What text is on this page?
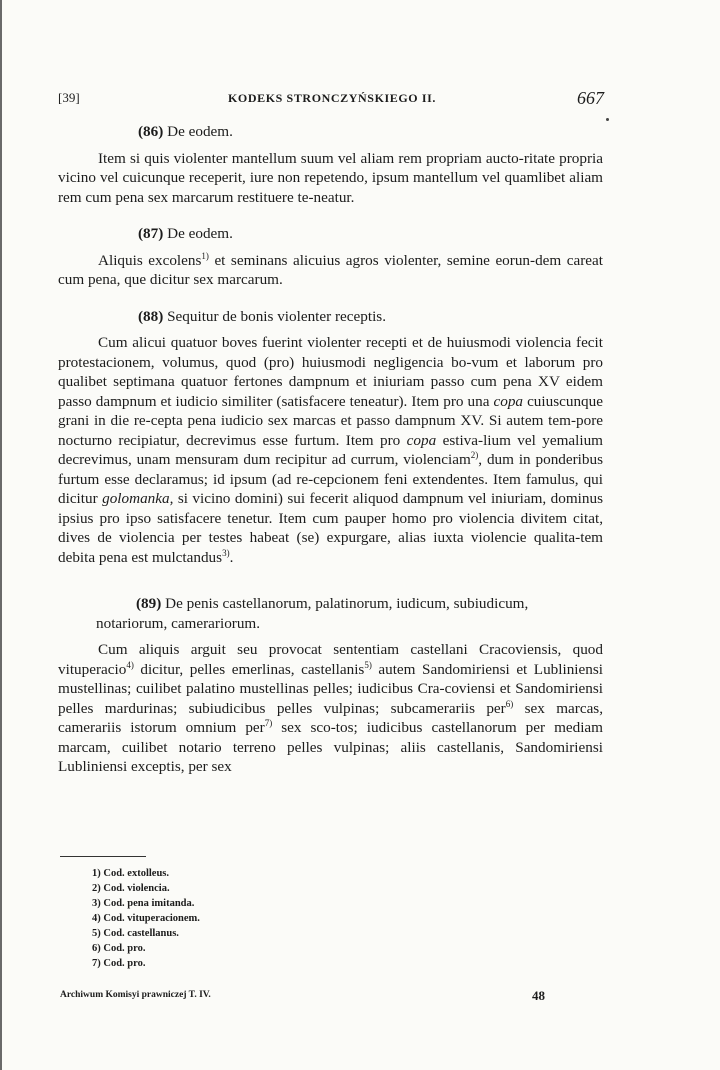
[39]	KODEKS STRONCZYŃSKIEGO II.	667
(86) De eodem.

Item si quis violenter mantellum suum vel aliam rem propriam aucto-ritate propria vicino vel cuicunque receperit, iure non repetendo, ipsum mantellum vel quamlibet aliam rem cum pena sex marcarum restituere te-neatur.

(87) De eodem.

Aliquis excolens$^{1)}$ et seminans alicuius agros violenter, semine eorun-dem careat cum pena, que dicitur sex marcarum.

(88) Sequitur de bonis violenter receptis.

Cum alicui quatuor boves fuerint violenter recepti et de huiusmodi violencia fecit protestacionem, volumus, quod (pro) huiusmodi negligencia bo-vum et laborum pro qualibet septimana quatuor fertones dampnum et iniuriam passo cum pena XV eidem passo dampnum et iudicio similiter (satisfacere teneatur). Item pro una copa cuiuscunque grani in die re-cepta pena iudicio sex marcas et passo dampnum XV. Si autem tem-pore nocturno recipiatur, decrevimus esse furtum. Item pro copa estiva-lium vel yemalium decrevimus, unam mensuram dum recipitur ad currum, violenciam$^{2)}$, dum in ponderibus furtum esse declaramus; id ipsum (ad re-cepcionem feni extendentes. Item famulus, qui dicitur golomanka, si vicino domini) sui fecerit aliquod dampnum vel iniuriam, dominus ipsius pro ipso satisfacere tenetur. Item cum pauper homo pro violencia divitem citat, dives de violencia per testes habeat (se) expurgare, alias iuxta violencie qualita-tem debita pena est mulctandus$^{3)}$.

(89) De penis castellanorum, palatinorum, iudicum, subiudicum, notariorum, camerariorum.

Cum aliquis arguit seu provocat sententiam castellani Cracoviensis, quod vituperacio$^{4)}$ dicitur, pelles emerlinas, castellanis$^{5)}$ autem Sandomiriensi et Lubliniensi mustellinas; cuilibet palatino mustellinas pelles; iudicibus Cra-coviensi et Sandomiriensi pelles mardurinas; subiudicibus pelles vulpinas; subcamerariis per$^{6)}$ sex marcas, camerariis istorum omnium per$^{7)}$ sex sco-tos; iudicibus castellanorum per mediam marcam, cuilibet notario terreno pelles vulpinas; aliis castellanis, Sandomiriensi Lubliniensi exceptis, per sex

1) Cod. extolleus.
2) Cod. violencia.
3) Cod. pena imitanda.
4) Cod. vituperacionem.
5) Cod. castellanus.
6) Cod. pro.
7) Cod. pro.
Archiwum Komisyi prawniczej T. IV.	48
